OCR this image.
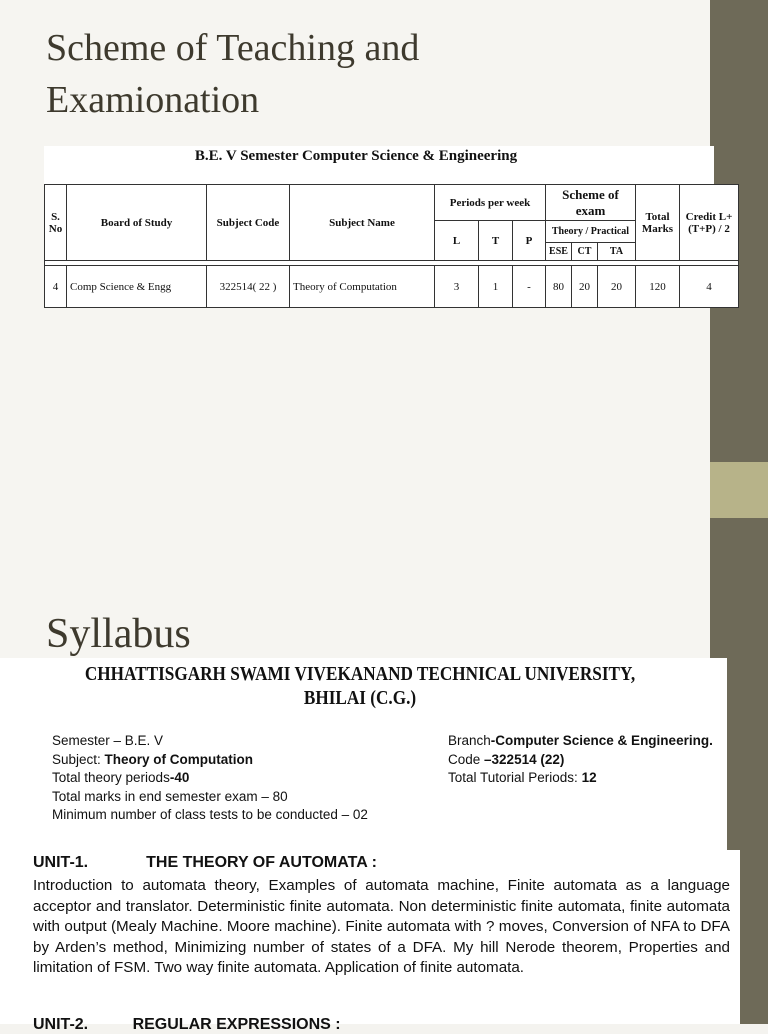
Scheme of Teaching and
Examionation
B.E. V Semester Computer Science & Engineering
S. No	Board of Study	Subject Code	Subject Name	Periods per week			Scheme of exam			Total Marks	Credit L+(T+P) / 2
				L	T	P	Theory / Practical				
							ESE	CT	TA		

4	Comp Science & Engg	322514( 22 )	Theory of Computation	3	1	-	80	20	20	120	4
Syllabus
CHHATTISGARH SWAMI VIVEKANAND TECHNICAL UNIVERSITY,
BHILAI (C.G.)
Semester – B.E. V
Subject: Theory of Computation
Total theory periods-40
Total marks in end semester exam – 80
Minimum number of class tests to be conducted – 02
Branch-Computer Science & Engineering.
Code –322514 (22)
Total Tutorial Periods: 12
UNIT-1.	THE THEORY OF AUTOMATA :
Introduction to automata theory, Examples of automata machine, Finite automata as a language acceptor and translator. Deterministic finite automata. Non deterministic finite automata, finite automata with output (Mealy Machine. Moore machine). Finite automata with ? moves, Conversion of NFA to DFA by Arden’s method, Minimizing number of states of a DFA. My hill Nerode theorem, Properties and limitation of FSM. Two way finite automata. Application of finite automata.
UNIT-2.          REGULAR EXPRESSIONS :
